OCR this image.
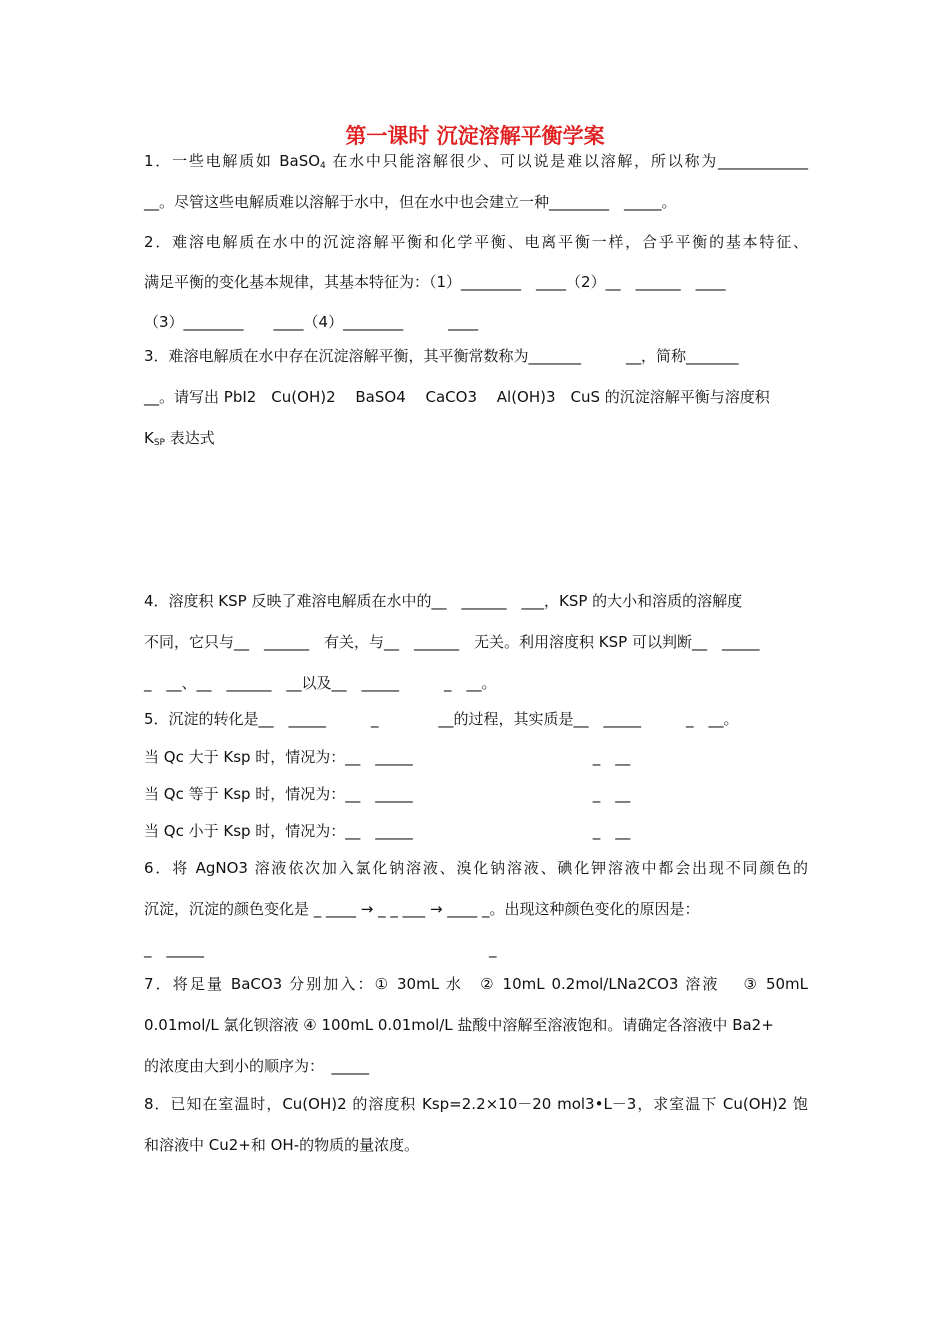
第一课时 沉淀溶解平衡学案
1．一些电解质如 BaSO$_4$ 在水中只能溶解很少、可以说是难以溶解，所以称为____________
__。尽管这些电解质难以溶解于水中，但在水中也会建立一种________　_____。
2．难溶电解质在水中的沉淀溶解平衡和化学平衡、电离平衡一样，合乎平衡的基本特征、
满足平衡的变化基本规律，其基本特征为：（1）________　____（2）__　______　____
（3）________　　____（4）________　　　____
3．难溶电解质在水中存在沉淀溶解平衡，其平衡常数称为_______　　　__，简称_______
__。请写出 PbI2　Cu(OH)2　 BaSO4　 CaCO3　 Al(OH)3　CuS 的沉淀溶解平衡与溶度积
$K_{SP}$ 表达式
4．溶度积 KSP 反映了难溶电解质在水中的__　______　___，KSP 的大小和溶质的溶解度
不同，它只与__　______　有关，与__　______　无关。利用溶度积 KSP 可以判断__　_____
_　__、__　______　__以及__　_____　　　_　__。
5．沉淀的转化是__　_____　　　_　　　　__的过程，其实质是__　_____　　　_　__。
当 Qc 大于 Ksp 时，情况为：__　_____　　　　　　　　　　　　_　__
当 Qc 等于 Ksp 时，情况为：__　_____　　　　　　　　　　　　_　__
当 Qc 小于 Ksp 时，情况为：__　_____　　　　　　　　　　　　_　__
6．将 AgNO3 溶液依次加入氯化钠溶液、溴化钠溶液、碘化钾溶液中都会出现不同颜色的
沉淀，沉淀的颜色变化是 _ ____ → _ _ ___ → ____ _。出现这种颜色变化的原因是：
_　_____　　　　　　　　　　　　　　　　　　　_
7．将足量 BaCO3 分别加入：① 30mL 水　② 10mL 0.2mol/LNa2CO3 溶液　 ③ 50mL
0.01mol/L 氯化钡溶液 ④ 100mL 0.01mol/L 盐酸中溶解至溶液饱和。请确定各溶液中 Ba2+
的浓度由大到小的顺序为：　_____
8．已知在室温时，Cu(OH)2 的溶度积 Ksp=2.2×10－20 mol3•L－3，求室温下 Cu(OH)2 饱
和溶液中 Cu2+和 OH-的物质的量浓度。
